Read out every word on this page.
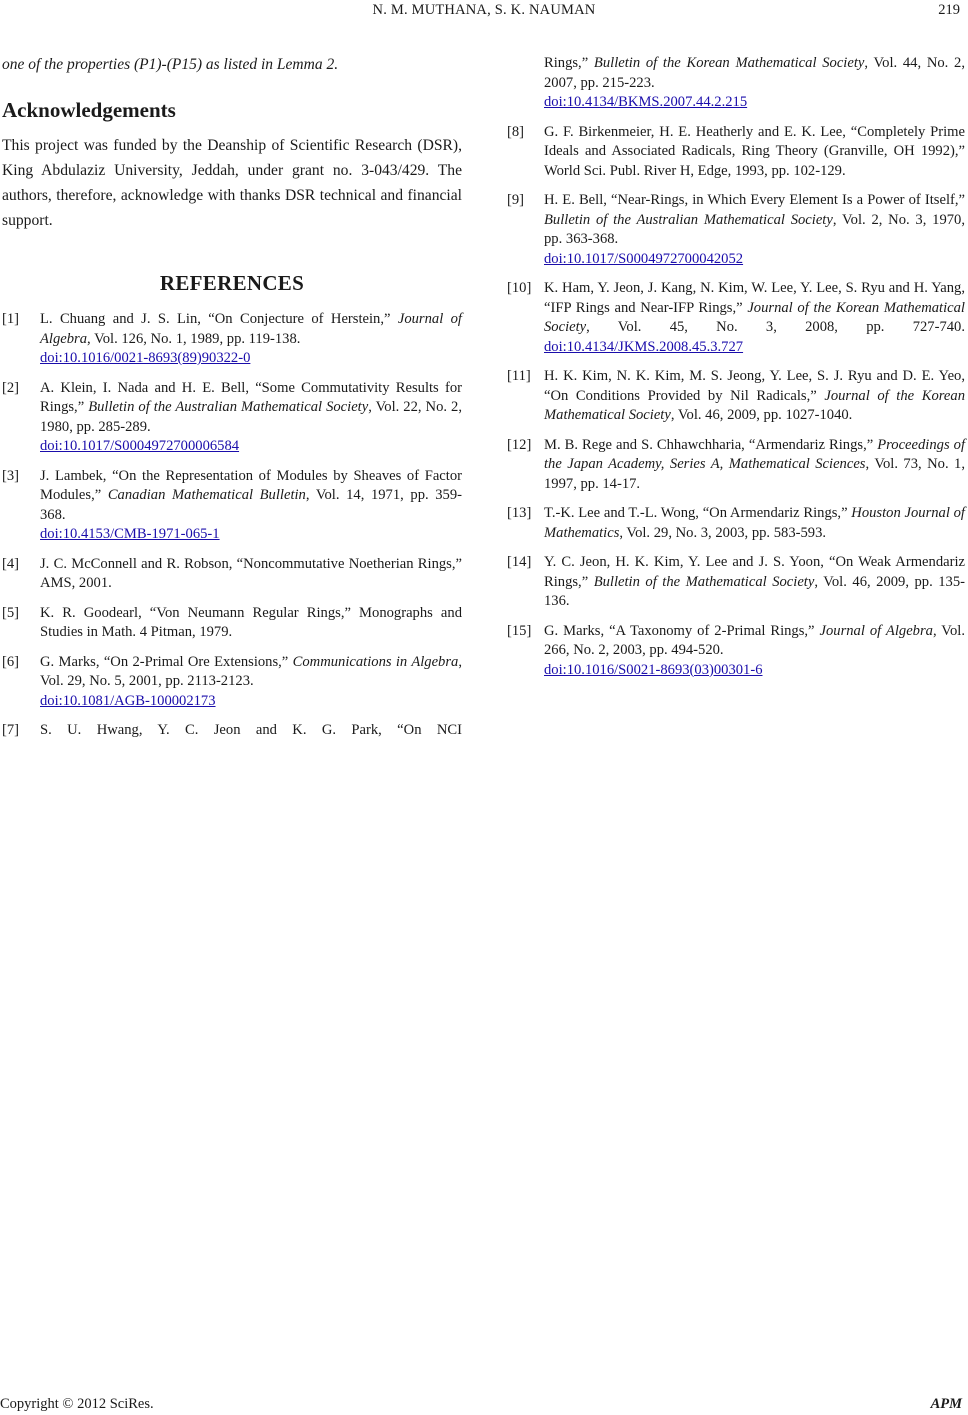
N. M. MUTHANA, S. K. NAUMAN	219

one of the properties (P1)-(P15) as listed in Lemma 2.

Acknowledgements

This project was funded by the Deanship of Scientific Research (DSR), King Abdulaziz University, Jeddah, under grant no. 3-043/429. The authors, therefore, acknowledge with thanks DSR technical and financial support.

REFERENCES
[1] L. Chuang and J. S. Lin, “On Conjecture of Herstein,” Journal of Algebra, Vol. 126, No. 1, 1989, pp. 119-138.
doi:10.1016/0021-8693(89)90322-0
[2] A. Klein, I. Nada and H. E. Bell, “Some Commutativity Results for Rings,” Bulletin of the Australian Mathematical Society, Vol. 22, No. 2, 1980, pp. 285-289.
doi:10.1017/S0004972700006584
[3] J. Lambek, “On the Representation of Modules by Sheaves of Factor Modules,” Canadian Mathematical Bulletin, Vol. 14, 1971, pp. 359-368.
doi:10.4153/CMB-1971-065-1
[4] J. C. McConnell and R. Robson, “Noncommutative Noetherian Rings,” AMS, 2001.
[5] K. R. Goodearl, “Von Neumann Regular Rings,” Monographs and Studies in Math. 4 Pitman, 1979.
[6] G. Marks, “On 2-Primal Ore Extensions,” Communications in Algebra, Vol. 29, No. 5, 2001, pp. 2113-2123.
doi:10.1081/AGB-100002173
[7] S. U. Hwang, Y. C. Jeon and K. G. Park, “On NCI
Rings,” Bulletin of the Korean Mathematical Society, Vol. 44, No. 2, 2007, pp. 215-223.
doi:10.4134/BKMS.2007.44.2.215
[8] G. F. Birkenmeier, H. E. Heatherly and E. K. Lee, “Completely Prime Ideals and Associated Radicals, Ring Theory (Granville, OH 1992),” World Sci. Publ. River H, Edge, 1993, pp. 102-129.
[9] H. E. Bell, “Near-Rings, in Which Every Element Is a Power of Itself,” Bulletin of the Australian Mathematical Society, Vol. 2, No. 3, 1970, pp. 363-368.
doi:10.1017/S0004972700042052
[10] K. Ham, Y. Jeon, J. Kang, N. Kim, W. Lee, Y. Lee, S. Ryu and H. Yang, “IFP Rings and Near-IFP Rings,” Journal of the Korean Mathematical Society, Vol. 45, No. 3, 2008, pp. 727-740. doi:10.4134/JKMS.2008.45.3.727
[11] H. K. Kim, N. K. Kim, M. S. Jeong, Y. Lee, S. J. Ryu and D. E. Yeo, “On Conditions Provided by Nil Radicals,” Journal of the Korean Mathematical Society, Vol. 46, 2009, pp. 1027-1040.
[12] M. B. Rege and S. Chhawchharia, “Armendariz Rings,” Proceedings of the Japan Academy, Series A, Mathematical Sciences, Vol. 73, No. 1, 1997, pp. 14-17.
[13] T.-K. Lee and T.-L. Wong, “On Armendariz Rings,” Houston Journal of Mathematics, Vol. 29, No. 3, 2003, pp. 583-593.
[14] Y. C. Jeon, H. K. Kim, Y. Lee and J. S. Yoon, “On Weak Armendariz Rings,” Bulletin of the Mathematical Society, Vol. 46, 2009, pp. 135-136.
[15] G. Marks, “A Taxonomy of 2-Primal Rings,” Journal of Algebra, Vol. 266, No. 2, 2003, pp. 494-520.
doi:10.1016/S0021-8693(03)00301-6
Copyright © 2012 SciRes.	APM
